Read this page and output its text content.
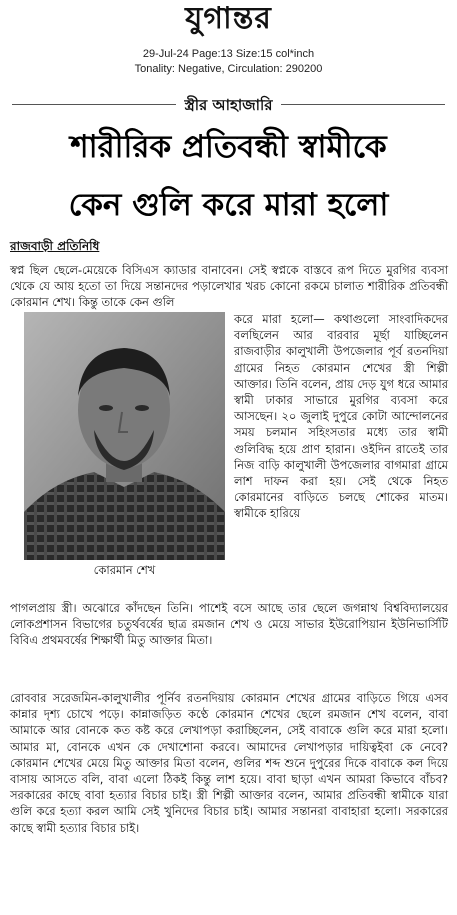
যুগান্তর
29-Jul-24 Page:13 Size:15 col*inch
Tonality: Negative, Circulation: 290200
স্ত্রীর আহাজারি
শারীরিক প্রতিবন্ধী স্বামীকে
কেন গুলি করে মারা হলো
রাজবাড়ী প্রতিনিধি
স্বপ্ন ছিল ছেলে-মেয়েকে বিসিএস ক্যাডার বানাবেন। সেই স্বপ্নকে বাস্তবে রূপ দিতে মুরগির ব্যবসা থেকে যে আয় হতো তা দিয়ে সন্তানদের পড়ালেখার খরচ কোনো রকমে চালাত শারীরিক প্রতিবন্ধী কোরমান শেখ। কিন্তু তাকে কেন গুলি
কোরমান শেখ
করে মারা হলো— কথাগুলো সাংবাদিকদের বলছিলেন আর বারবার মূর্ছা যাচ্ছিলেন রাজবাড়ীর কালুখালী উপজেলার পূর্ব রতনদিয়া গ্রামের নিহত কোরমান শেখের স্ত্রী শিল্পী আক্তার। তিনি বলেন, প্রায় দেড় যুগ ধরে আমার স্বামী ঢাকার সাভারে মুরগির ব্যবসা করে আসছেন। ২০ জুলাই দুপুরে কোটা আন্দোলনের সময় চলমান সহিংসতার মধ্যে তার স্বামী গুলিবিদ্ধ হয়ে প্রাণ হারান। ওইদিন রাতেই তার নিজ বাড়ি কালুখালী উপজেলার বাগমারা গ্রামে লাশ দাফন করা হয়। সেই থেকে নিহত কোরমানের বাড়িতে চলছে শোকের মাতম। স্বামীকে হারিয়ে
পাগলপ্রায় স্ত্রী। অঝোরে কাঁদছেন তিনি। পাশেই বসে আছে তার ছেলে জগন্নাথ বিশ্ববিদ্যালয়ের লোকপ্রশাসন বিভাগের চতুর্থবর্ষের ছাত্র রমজান শেখ ও মেয়ে সাভার ইউরোপিয়ান ইউনিভার্সিটি বিবিএ প্রথমবর্ষের শিক্ষার্থী মিতু আক্তার মিতা।
রোববার সরেজমিন-কালুখালীর পূর্নিব রতনদিয়ায় কোরমান শেখের গ্রামের বাড়িতে গিয়ে এসব কান্নার দৃশ্য চোখে পড়ে। কান্নাজড়িত কণ্ঠে কোরমান শেখের ছেলে রমজান শেখ বলেন, বাবা আমাকে আর বোনকে কত কষ্ট করে লেখাপড়া করাচ্ছিলেন, সেই বাবাকে গুলি করে মারা হলো। আমার মা, বোনকে এখন কে দেখাশোনা করবে। আমাদের লেখাপড়ার দায়িত্বইবা কে নেবে? কোরমান শেখের মেয়ে মিতু আক্তার মিতা বলেন, গুলির শব্দ শুনে দুপুরের দিকে বাবাকে কল দিয়ে বাসায় আসতে বলি, বাবা এলো ঠিকই কিন্তু লাশ হয়ে। বাবা ছাড়া এখন আমরা কিভাবে বাঁচব? সরকারের কাছে বাবা হত্যার বিচার চাই। স্ত্রী শিল্পী আক্তার বলেন, আমার প্রতিবন্ধী স্বামীকে যারা গুলি করে হত্যা করল আমি সেই খুনিদের বিচার চাই। আমার সন্তানরা বাবাহারা হলো। সরকারের কাছে স্বামী হত্যার বিচার চাই।
